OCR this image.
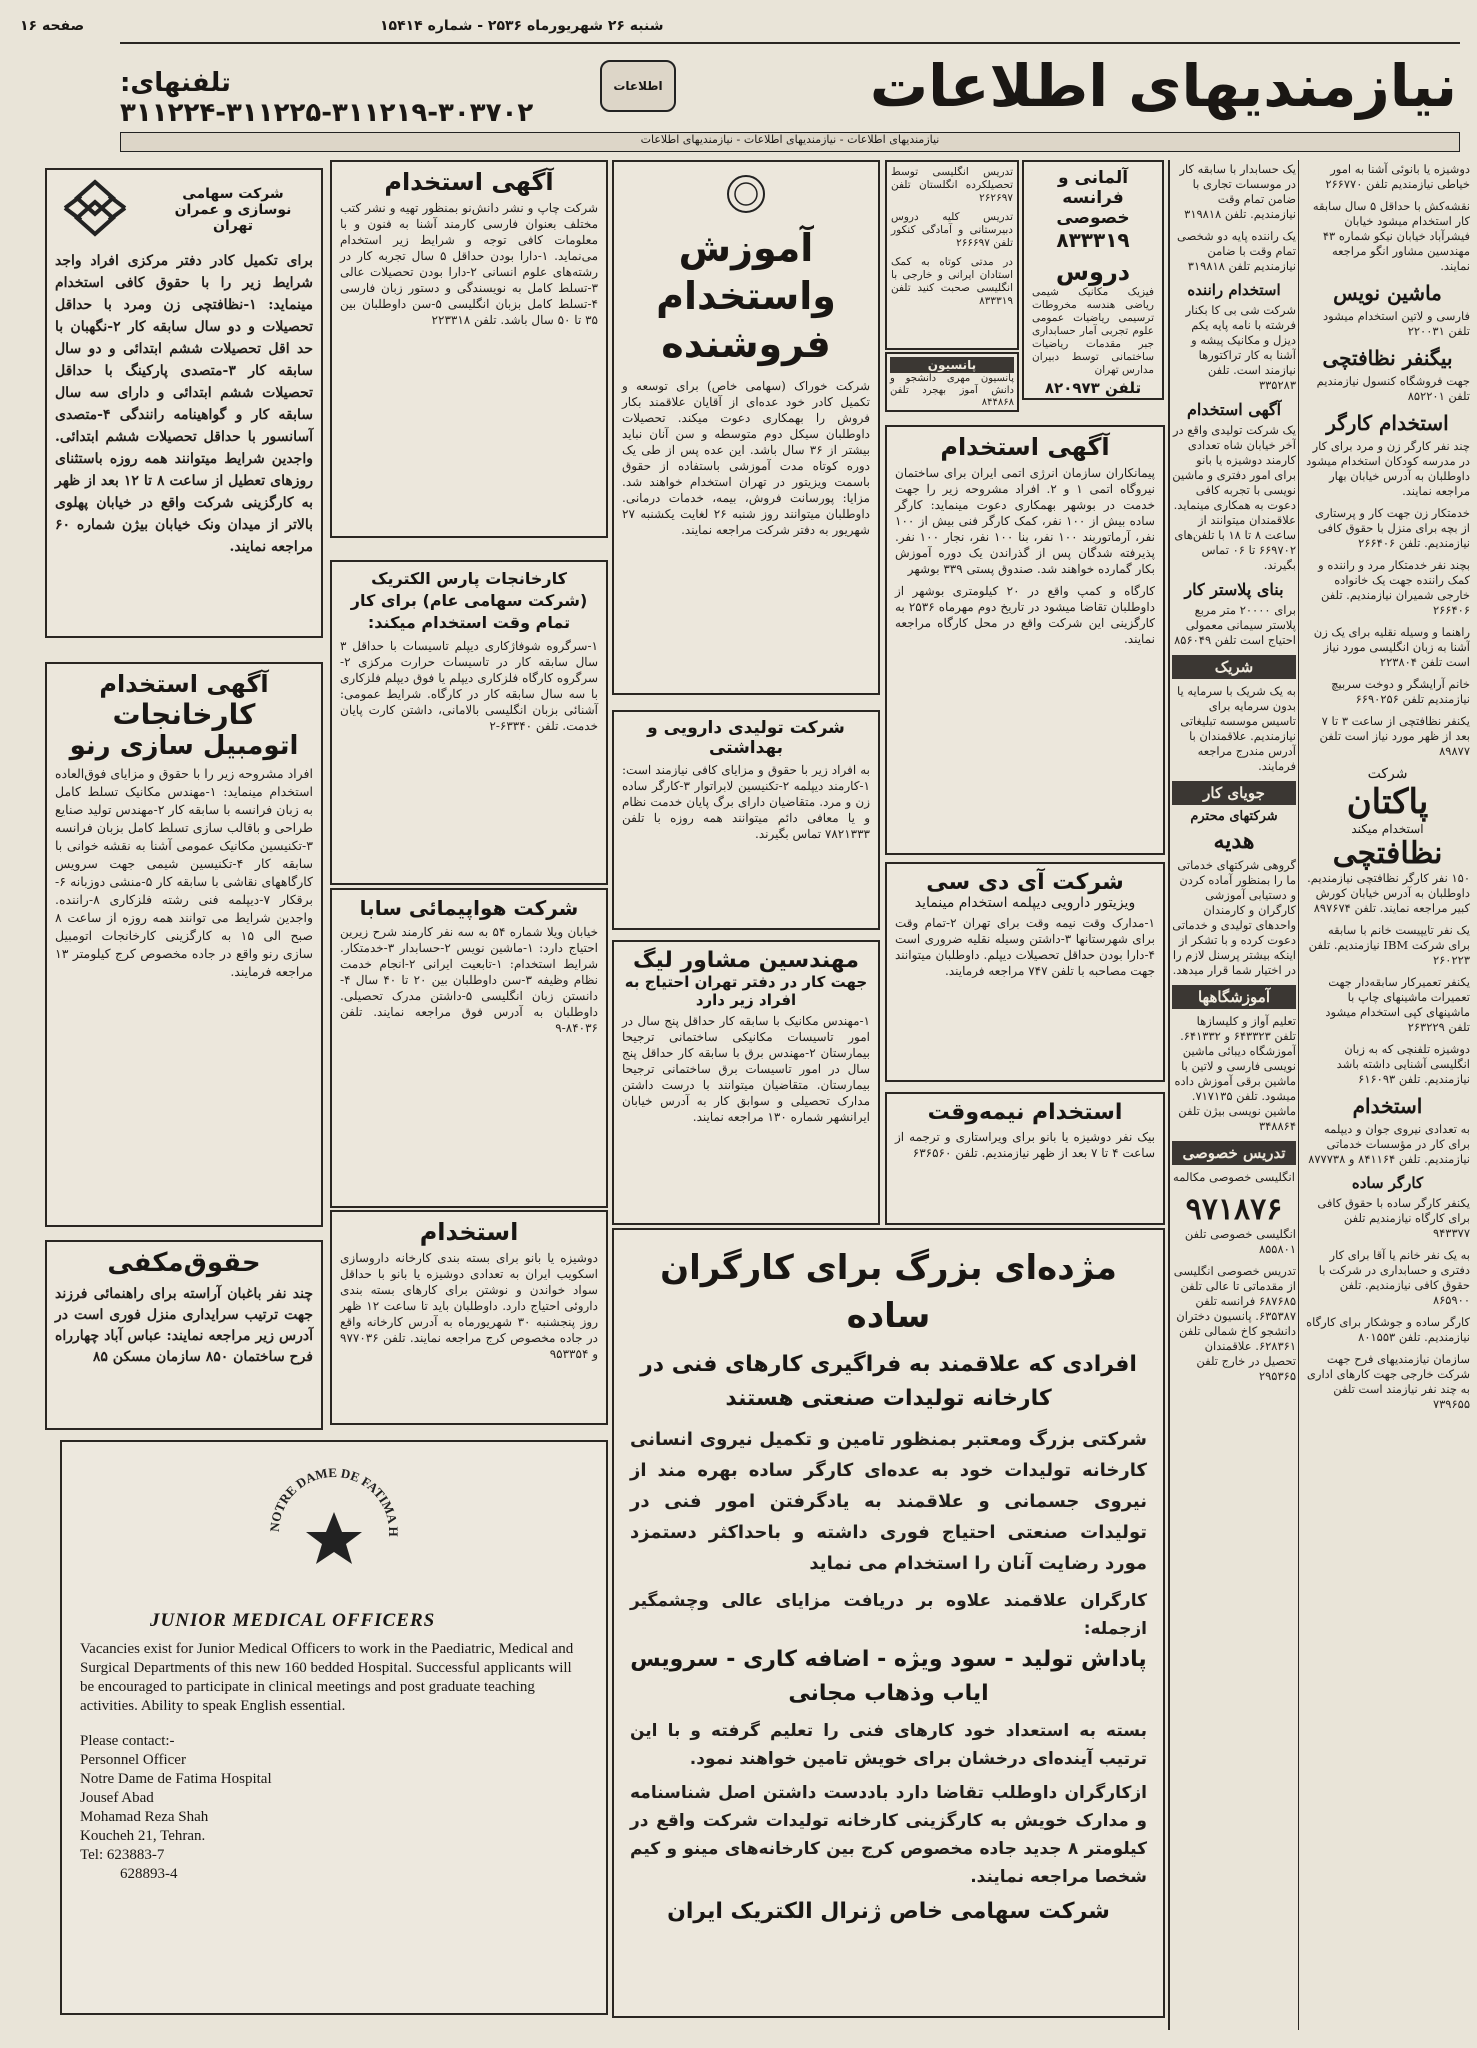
صفحه ۱۶	شنبه ۲۶ شهریورماه ۲۵۳۶ - شماره ۱۵۴۱۴
نیازمندیهای اطلاعات
اطلاعات
تلفنهای: ۳۰۳۷۰۲-۳۱۱۲۱۹-۳۱۱۲۲۵-۳۱۱۲۲۴
نیازمندیهای اطلاعات - نیازمندیهای اطلاعات - نیازمندیهای اطلاعات

دوشیزه یا بانوئی آشنا به امور خیاطی نیازمندیم تلفن ۲۶۶۷۷۰

نقشه‌کش با حداقل ۵ سال سابقه کار استخدام میشود خیابان فیشرآباد خیابان نیکو شماره ۴۳ مهندسین مشاور انگو مراجعه نمایند.

ماشین نویس

فارسی و لاتین استخدام میشود تلفن ۲۲۰۰۳۱

بیگنفر نظافتچی

جهت فروشگاه کنسول نیازمندیم تلفن ۸۵۲۲۰۱

استخدام کارگر

چند نفر کارگر زن و مرد برای کار در مدرسه کودکان استخدام میشود داوطلبان به آدرس خیابان بهار مراجعه نمایند.

خدمتکار زن جهت کار و پرستاری از بچه برای منزل با حقوق کافی نیازمندیم. تلفن ۲۶۶۴۰۶

بچند نفر خدمتکار مرد و راننده و کمک راننده جهت یک خانواده خارجی شمیران نیازمندیم. تلفن ۲۶۶۴۰۶

راهنما و وسیله نقلیه برای یک زن آشنا به زبان انگلیسی مورد نیاز است تلفن ۲۲۳۸۰۴

خانم آرایشگر و دوخت سربیچ نیازمندیم تلفن ۶۶۹۰۲۵۶

یکنفر نظافتچی از ساعت ۳ تا ۷ بعد از ظهر مورد نیاز است تلفن ۸۹۸۷۷

شرکت
پاکتان
استخدام میکند
نظافتچی

۱۵۰ نفر کارگر نظافتچی نیازمندیم. داوطلبان به آدرس خیابان کورش کبیر مراجعه نمایند. تلفن ۸۹۷۶۷۴

یک نفر تایپیست خانم با سابقه برای شرکت IBM نیازمندیم. تلفن ۲۶۰۲۲۳

یکنفر تعمیرکار سابقه‌دار جهت تعمیرات ماشینهای چاپ با ماشینهای کپی استخدام میشود تلفن ۲۶۳۲۲۹

دوشیزه تلفنچی که به زبان انگلیسی آشنایی داشته باشد نیازمندیم. تلفن ۶۱۶۰۹۳

استخدام

به تعدادی نیروی جوان و دیپلمه برای کار در مؤسسات خدماتی نیازمندیم. تلفن ۸۴۱۱۶۴ و ۸۷۷۷۳۸

کارگر ساده

یکنفر کارگر ساده با حقوق کافی برای کارگاه نیازمندیم تلفن ۹۴۳۳۷۷

به یک نفر خانم یا آقا برای کار دفتری و حسابداری در شرکت با حقوق کافی نیازمندیم. تلفن ۸۶۵۹۰۰

کارگر ساده و جوشکار برای کارگاه نیازمندیم. تلفن ۸۰۱۵۵۳

سازمان نیازمندیهای فرح جهت شرکت خارجی جهت کارهای اداری به چند نفر نیازمند است تلفن ۷۳۹۶۵۵

یک حسابدار با سابقه کار در موسسات تجاری با ضامن تمام وقت نیازمندیم. تلفن ۳۱۹۸۱۸

یک راننده پایه دو شخصی تمام وقت با ضامن نیازمندیم تلفن ۳۱۹۸۱۸

استخدام راننده

شرکت شی بی کا بکنار فرشته با نامه پایه یکم دیزل و مکانیک پیشه و آشنا به کار تراکتورها نیازمند است. تلفن ۳۳۵۲۸۳

آگهی استخدام

یک شرکت تولیدی واقع در آخر خیابان شاه تعدادی کارمند دوشیزه یا بانو برای امور دفتری و ماشین نویسی با تجربه کافی دعوت به همکاری مینماید. علاقمندان میتوانند از ساعت ۸ تا ۱۸ با تلفن‌های ۶۶۹۷۰۲ تا ۰۶ تماس بگیرند.

بنای پلاستر کار

برای ۲۰۰۰۰ متر مربع پلاستر سیمانی معمولی احتیاج است تلفن ۸۵۶۰۴۹

شریک

به یک شریک با سرمایه یا بدون سرمایه برای تاسیس موسسه تبلیغاتی نیازمندیم. علاقمندان با آدرس مندرج مراجعه فرمایند.

جویای کار
شرکتهای محترم
هدیه

گروهی شرکتهای خدماتی ما را بمنظور آماده کردن و دستیابی آموزشی کارگران و کارمندان واحدهای تولیدی و خدماتی دعوت کرده و با تشکر از اینکه بیشتر پرسنل لازم را در اختیار شما قرار میدهد.

آموزشگاهها

تعلیم آواز و کلیسازها تلفن ۶۴۳۳۲۳ و ۶۴۱۳۳۲. آموزشگاه دیبائی ماشین نویسی فارسی و لاتین با ماشین برقی آموزش داده میشود. تلفن ۷۱۷۱۳۵. ماشین نویسی بیژن تلفن ۳۴۸۸۶۴

تدریس خصوصی

انگلیسی خصوصی مکالمه

۹۷۱۸۷۶

انگلیسی خصوصی تلفن ۸۵۵۸۰۱

تدریس خصوصی انگلیسی از مقدماتی تا عالی تلفن ۶۸۷۶۸۵ فرانسه تلفن ۶۳۵۳۸۷. پانسیون دختران دانشجو کاخ شمالی تلفن ۶۲۸۳۶۱. علاقمندان تحصیل در خارج تلفن ۲۹۵۳۶۵

آلمانی و فرانسه خصوصی
۸۳۳۳۱۹
دروس
فیزیک مکانیک شیمی ریاضی هندسه مخروطات ترسیمی ریاضیات عمومی علوم تجربی آمار حسابداری جبر مقدمات ریاضیات ساختمانی توسط دبیران مدارس تهران
تلفن ۸۲۰۹۷۳
تدریس انگلیسی توسط تحصیلکرده انگلستان تلفن ۲۶۲۶۹۷
تدریس کلیه دروس دبیرستانی و آمادگی کنکور تلفن ۲۶۶۶۹۷
در مدتی کوتاه به کمک استادان ایرانی و خارجی با انگلیسی صحبت کنید تلفن ۸۳۳۳۱۹
پانسیون
پانسیون مهری دانشجو و دانش آموز بهجرد تلفن ۸۴۴۸۶۸
آگهی استخدام
پیمانکاران سازمان انرژی اتمی ایران برای ساختمان نیروگاه اتمی ۱ و ۲. افراد مشروحه زیر را جهت خدمت در بوشهر بهمکاری دعوت مینماید: کارگر ساده بیش از ۱۰۰ نفر، کمک کارگر فنی بیش از ۱۰۰ نفر، آرماتوربند ۱۰۰ نفر، بنا ۱۰۰ نفر، نجار ۱۰۰ نفر. پذیرفته شدگان پس از گذراندن یک دوره آموزش بکار گمارده خواهند شد. صندوق پستی ۳۳۹ بوشهر
کارگاه و کمپ واقع در ۲۰ کیلومتری بوشهر از داوطلبان تقاضا میشود در تاریخ دوم مهرماه ۲۵۳۶ به کارگزینی این شرکت واقع در محل کارگاه مراجعه نمایند.
آموزش واستخدام فروشنده
شرکت خوراک (سهامی خاص) برای توسعه و تکمیل کادر خود عده‌ای از آقایان علاقمند بکار فروش را بهمکاری دعوت میکند. تحصیلات داوطلبان سیکل دوم متوسطه و سن آنان نباید بیشتر از ۳۶ سال باشد. این عده پس از طی یک دوره کوتاه مدت آموزشی باستفاده از حقوق باسمت ویزیتور در تهران استخدام خواهند شد. مزایا: پورسانت فروش، بیمه، خدمات درمانی. داوطلبان میتوانند روز شنبه ۲۶ لغایت یکشنبه ۲۷ شهریور به دفتر شرکت مراجعه نمایند.
شرکت تولیدی دارویی و بهداشتی
به افراد زیر با حقوق و مزایای کافی نیازمند است: ۱-کارمند دیپلمه ۲-تکنیسین لابراتوار ۳-کارگر ساده زن و مرد. متقاضیان دارای برگ پایان خدمت نظام و یا معافی دائم میتوانند همه روزه با تلفن ۷۸۲۱۳۳۳ تماس بگیرند.
شرکت آی دی سی
ویزیتور دارویی دیپلمه استخدام مینماید
۱-مدارک وقت نیمه وقت برای تهران ۲-تمام وقت برای شهرستانها ۳-داشتن وسیله نقلیه ضروری است ۴-دارا بودن حداقل تحصیلات دیپلم. داوطلبان میتوانند جهت مصاحبه با تلفن ۷۴۷ مراجعه فرمایند.
مهندسین مشاور لیگ
جهت کار در دفتر تهران احتیاج به افراد زیر دارد
۱-مهندس مکانیک با سابقه کار حداقل پنج سال در امور تاسیسات مکانیکی ساختمانی ترجیحا بیمارستان ۲-مهندس برق با سابقه کار حداقل پنج سال در امور تاسیسات برق ساختمانی ترجیحا بیمارستان. متقاضیان میتوانند با درست داشتن مدارک تحصیلی و سوابق کار به آدرس خیابان ایرانشهر شماره ۱۳۰ مراجعه نمایند.	استخدام نیمه‌وقت
بیک نفر دوشیزه یا بانو برای ویراستاری و ترجمه از ساعت ۴ تا ۷ بعد از ظهر نیازمندیم. تلفن ۶۳۶۵۶۰
آگهی استخدام
شرکت چاپ و نشر دانش‌نو بمنظور تهیه و نشر کتب مختلف بعنوان فارسی کارمند آشنا به فنون و با معلومات کافی توجه و شرایط زیر استخدام می‌نماید. ۱-دارا بودن حداقل ۵ سال تجربه کار در رشته‌های علوم انسانی ۲-دارا بودن تحصیلات عالی ۳-تسلط کامل به نویسندگی و دستور زبان فارسی ۴-تسلط کامل بزبان انگلیسی ۵-سن داوطلبان بین ۳۵ تا ۵۰ سال باشد. تلفن ۲۲۳۳۱۸
کارخانجات پارس الکتریک (شرکت سهامی عام) برای کار تمام وقت استخدام میکند:
۱-سرگروه شوفاژکاری دیپلم تاسیسات با حداقل ۳ سال سابقه کار در تاسیسات حرارت مرکزی ۲-سرگروه کارگاه فلزکاری دیپلم یا فوق دیپلم فلزکاری با سه سال سابقه کار در کارگاه. شرایط عمومی: آشنائی بزبان انگلیسی بالامانی، داشتن کارت پایان خدمت. تلفن ۶۳۳۴۰-۲
شرکت هواپیمائی سابا
خیابان ویلا شماره ۵۴ به سه نفر کارمند شرح زیرین احتیاج دارد: ۱-ماشین نویس ۲-حسابدار ۳-خدمتکار. شرایط استخدام: ۱-تابعیت ایرانی ۲-انجام خدمت نظام وظیفه ۳-سن داوطلبان بین ۲۰ تا ۴۰ سال ۴-دانستن زبان انگلیسی ۵-داشتن مدرک تحصیلی. داوطلبان به آدرس فوق مراجعه نمایند. تلفن ۸۴۰۳۶-۹
استخدام
دوشیزه یا بانو برای بسته بندی کارخانه داروسازی اسکویب ایران به تعدادی دوشیزه یا بانو با حداقل سواد خواندن و نوشتن برای کارهای بسته بندی داروئی احتیاج دارد. داوطلبان باید تا ساعت ۱۲ ظهر روز پنجشنبه ۳۰ شهریورماه به آدرس کارخانه واقع در جاده مخصوص کرج مراجعه نمایند. تلفن ۹۷۷۰۳۶ و ۹۵۳۳۵۴
شرکت سهامی نوسازی و عمران تهران
برای تکمیل کادر دفتر مرکزی افراد واجد شرایط زیر را با حقوق کافی استخدام مینماید: ۱-نظافتچی زن ومرد با حداقل تحصیلات و دو سال سابقه کار ۲-نگهبان با حد اقل تحصیلات ششم ابتدائی و دو سال سابقه کار ۳-متصدی پارکینگ با حداقل تحصیلات ششم ابتدائی و دارای سه سال سابقه کار و گواهینامه رانندگی ۴-متصدی آسانسور با حداقل تحصیلات ششم ابتدائی. واجدین شرایط میتوانند همه روزه باستثنای روزهای تعطیل از ساعت ۸ تا ۱۲ بعد از ظهر به کارگزینی شرکت واقع در خیابان پهلوی بالاتر از میدان ونک خیابان بیژن شماره ۶۰ مراجعه نمایند.
آگهی استخدام
کارخانجات
اتومبیل سازی رنو
افراد مشروحه زیر را با حقوق و مزایای فوق‌العاده استخدام مینماید: ۱-مهندس مکانیک تسلط کامل به زبان فرانسه با سابقه کار ۲-مهندس تولید صنایع طراحی و باقالب سازی تسلط کامل بزبان فرانسه ۳-تکنیسین مکانیک عمومی آشنا به نقشه خوانی با سابقه کار ۴-تکنیسین شیمی جهت سرویس کارگاههای نقاشی با سابقه کار ۵-منشی دوزبانه ۶-برقکار ۷-دیپلمه فنی رشته فلزکاری ۸-راننده. واجدین شرایط می توانند همه روزه از ساعت ۸ صبح الی ۱۵ به کارگزینی کارخانجات اتومبیل سازی رنو واقع در جاده مخصوص کرج کیلومتر ۱۳ مراجعه فرمایند.
حقوق‌مکفی
چند نفر باغبان آراسته برای راهنمائی فرزند جهت ترتیب سرایداری منزل فوری است در آدرس زیر مراجعه نمایند: عباس آباد چهارراه فرح ساختمان ۸۵۰ سازمان مسکن ۸۵
NOTRE DAME DE FATIMA H
JUNIOR MEDICAL OFFICERS
Vacancies exist for Junior Medical Officers to work in the Paediatric, Medical and Surgical Departments of this new 160 bedded Hospital. Successful applicants will be encouraged to participate in clinical meetings and post graduate teaching activities. Ability to speak English essential.
Please contact:-
Personnel Officer
Notre Dame de Fatima Hospital
Jousef Abad
Mohamad Reza Shah
Koucheh 21, Tehran.
Tel: 623883-7
628893-4
مژده‌ای بزرگ برای کارگران ساده
افرادی که علاقمند به فراگیری کارهای فنی در کارخانه تولیدات صنعتی هستند
شرکتی بزرگ ومعتبر بمنظور تامین و تکمیل نیروی انسانی کارخانه تولیدات خود به عده‌ای کارگر ساده بهره مند از نیروی جسمانی و علاقمند به یادگرفتن امور فنی در تولیدات صنعتی احتیاج فوری داشته و باحداکثر دستمزد مورد رضایت آنان را استخدام می نماید
کارگران علاقمند علاوه بر دریافت مزایای عالی وچشمگیر ازجمله:
پاداش تولید - سود ویژه - اضافه کاری - سرویس ایاب وذهاب مجانی
بسته به استعداد خود کارهای فنی را تعلیم گرفته و با این ترتیب آینده‌ای درخشان برای خویش تامین خواهند نمود.
ازکارگران داوطلب تقاضا دارد باددست داشتن اصل شناسنامه و مدارک خویش به کارگزینی کارخانه تولیدات شرکت واقع در کیلومتر ۸ جدید جاده مخصوص کرج بین کارخانه‌های مینو و کیم شخصا مراجعه نمایند.
شرکت سهامی خاص ژنرال الکتریک ایران
